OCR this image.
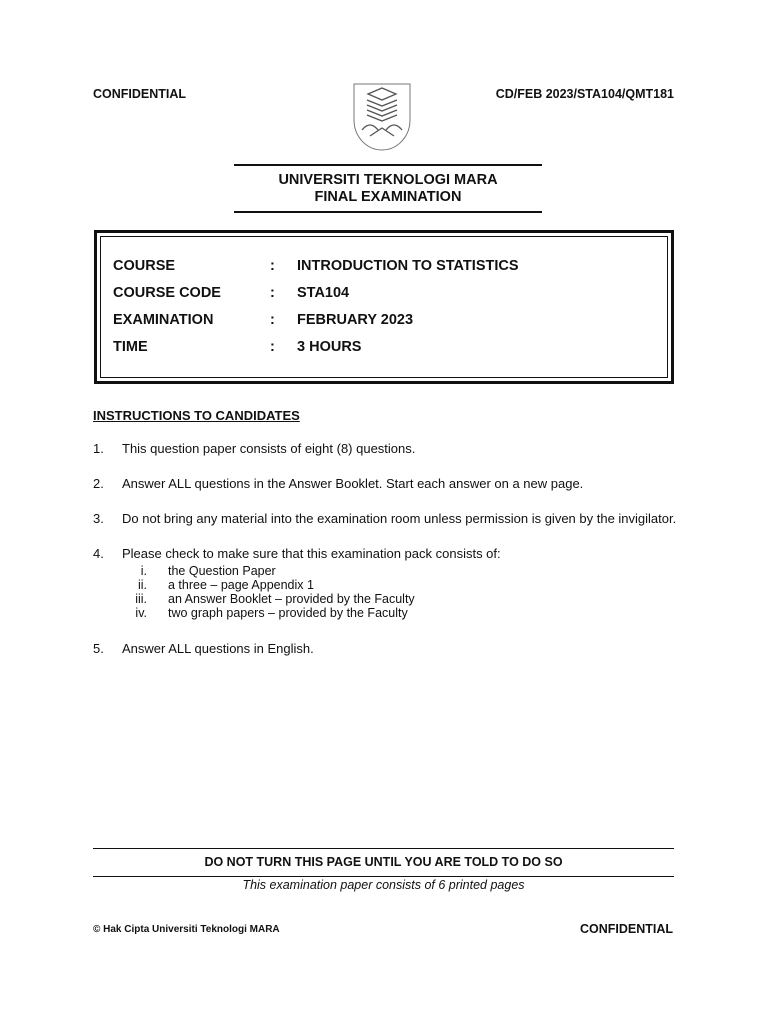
CONFIDENTIAL	CD/FEB 2023/STA104/QMT181
UNIVERSITI TEKNOLOGI MARA
FINAL EXAMINATION
COURSE	: INTRODUCTION TO STATISTICS
COURSE CODE	: STA104
EXAMINATION	: FEBRUARY 2023
TIME	: 3 HOURS
INSTRUCTIONS TO CANDIDATES
1.	This question paper consists of eight (8) questions.
2.	Answer ALL questions in the Answer Booklet. Start each answer on a new page.
3.	Do not bring any material into the examination room unless permission is given by the invigilator.
4.	Please check to make sure that this examination pack consists of:
i. the Question Paper
ii. a three – page Appendix 1
iii. an Answer Booklet – provided by the Faculty
iv. two graph papers – provided by the Faculty
5.	Answer ALL questions in English.
DO NOT TURN THIS PAGE UNTIL YOU ARE TOLD TO DO SO
This examination paper consists of 6 printed pages
© Hak Cipta Universiti Teknologi MARA	CONFIDENTIAL
